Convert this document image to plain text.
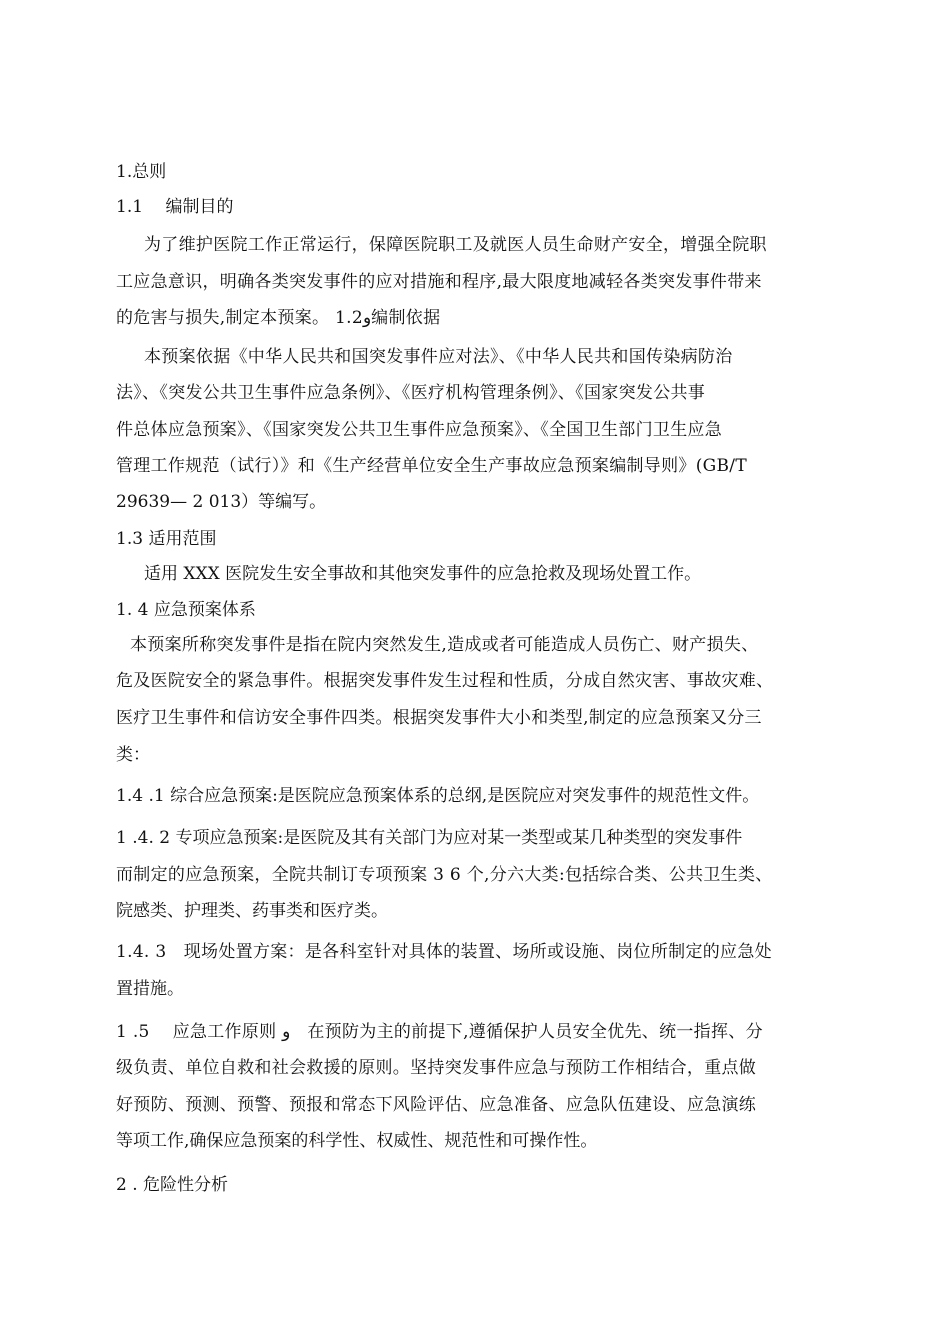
1.总则
1.1　 编制目的
为了维护医院工作正常运行，保障医院职工及就医人员生命财产安全，增强全院职
工应急意识，明确各类突发事件的应对措施和程序,最大限度地减轻各类突发事件带来
的危害与损失,制定本预案。 1.2و编制依据
本预案依据《中华人民共和国突发事件应对法》、《中华人民共和国传染病防治
法》、《突发公共卫生事件应急条例》、《医疗机构管理条例》、《国家突发公共事
件总体应急预案》、《国家突发公共卫生事件应急预案》、《全国卫生部门卫生应急
管理工作规范（试行）》和《生产经营单位安全生产事故应急预案编制导则》(GB/T
29639— 2 013）等编写。
1.3 适用范围
适用 XXX 医院发生安全事故和其他突发事件的应急抢救及现场处置工作。
1. 4 应急预案体系
本预案所称突发事件是指在院内突然发生,造成或者可能造成人员伤亡、财产损失、
危及医院安全的紧急事件。根据突发事件发生过程和性质，分成自然灾害、事故灾难、
医疗卫生事件和信访安全事件四类。根据突发事件大小和类型,制定的应急预案又分三
类：
1.4 .1 综合应急预案:是医院应急预案体系的总纲,是医院应对突发事件的规范性文件。
1 .4. 2 专项应急预案:是医院及其有关部门为应对某一类型或某几种类型的突发事件
而制定的应急预案，全院共制订专项预案 3 6 个,分六大类:包括综合类、公共卫生类、
院感类、护理类、药事类和医疗类。
1.4. 3　现场处置方案：是各科室针对具体的装置、场所或设施、岗位所制定的应急处
置措施。
1 .5　 应急工作原则 و　在预防为主的前提下,遵循保护人员安全优先、统一指挥、分
级负责、单位自救和社会救援的原则。坚持突发事件应急与预防工作相结合，重点做
好预防、预测、预警、预报和常态下风险评估、应急准备、应急队伍建设、应急演练
等项工作,确保应急预案的科学性、权威性、规范性和可操作性。
2 . 危险性分析
